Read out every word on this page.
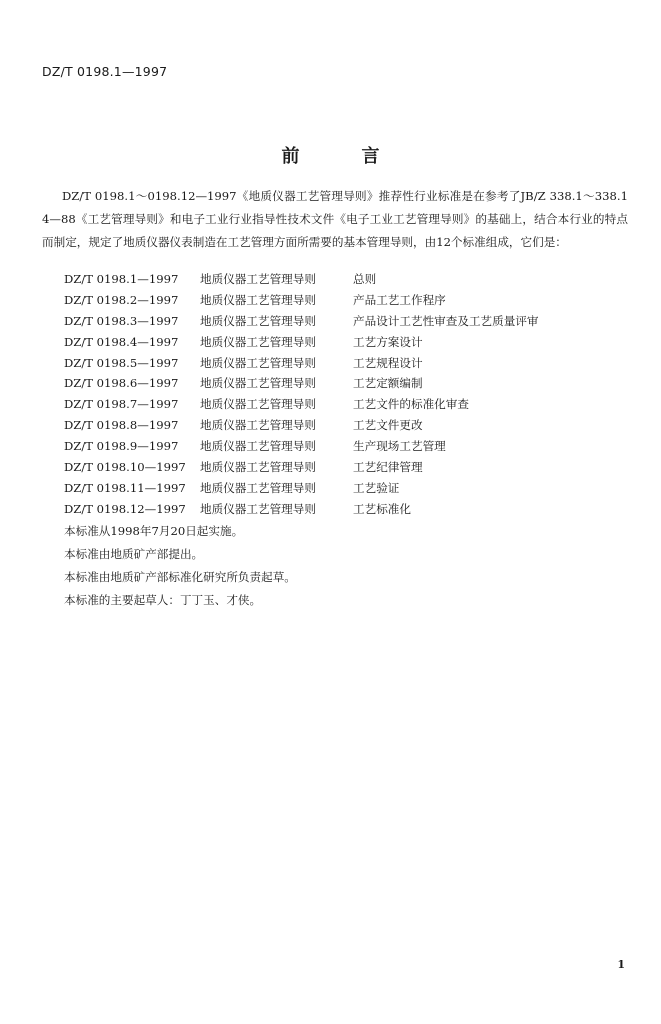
DZ/T 0198.1—1997
前	言
DZ/T 0198.1～0198.12—1997《地质仪器工艺管理导则》推荐性行业标准是在参考了JB/Z 338.1～338.14—88《工艺管理导则》和电子工业行业指导性技术文件《电子工业工艺管理导则》的基础上，结合本行业的特点而制定，规定了地质仪器仪表制造在工艺管理方面所需要的基本管理导则，由12个标准组成，它们是：
DZ/T 0198.1—1997 地质仪器工艺管理导则	总则
DZ/T 0198.2—1997 地质仪器工艺管理导则	产品工艺工作程序
DZ/T 0198.3—1997 地质仪器工艺管理导则	产品设计工艺性审查及工艺质量评审
DZ/T 0198.4—1997 地质仪器工艺管理导则	工艺方案设计
DZ/T 0198.5—1997 地质仪器工艺管理导则	工艺规程设计
DZ/T 0198.6—1997 地质仪器工艺管理导则	工艺定额编制
DZ/T 0198.7—1997 地质仪器工艺管理导则	工艺文件的标准化审查
DZ/T 0198.8—1997 地质仪器工艺管理导则	工艺文件更改
DZ/T 0198.9—1997 地质仪器工艺管理导则	生产现场工艺管理
DZ/T 0198.10—1997 地质仪器工艺管理导则	工艺纪律管理
DZ/T 0198.11—1997 地质仪器工艺管理导则	工艺验证
DZ/T 0198.12—1997 地质仪器工艺管理导则	工艺标准化
本标准从1998年7月20日起实施。
本标准由地质矿产部提出。
本标准由地质矿产部标准化研究所负责起草。
本标准的主要起草人：丁丁玉、才侠。
1
